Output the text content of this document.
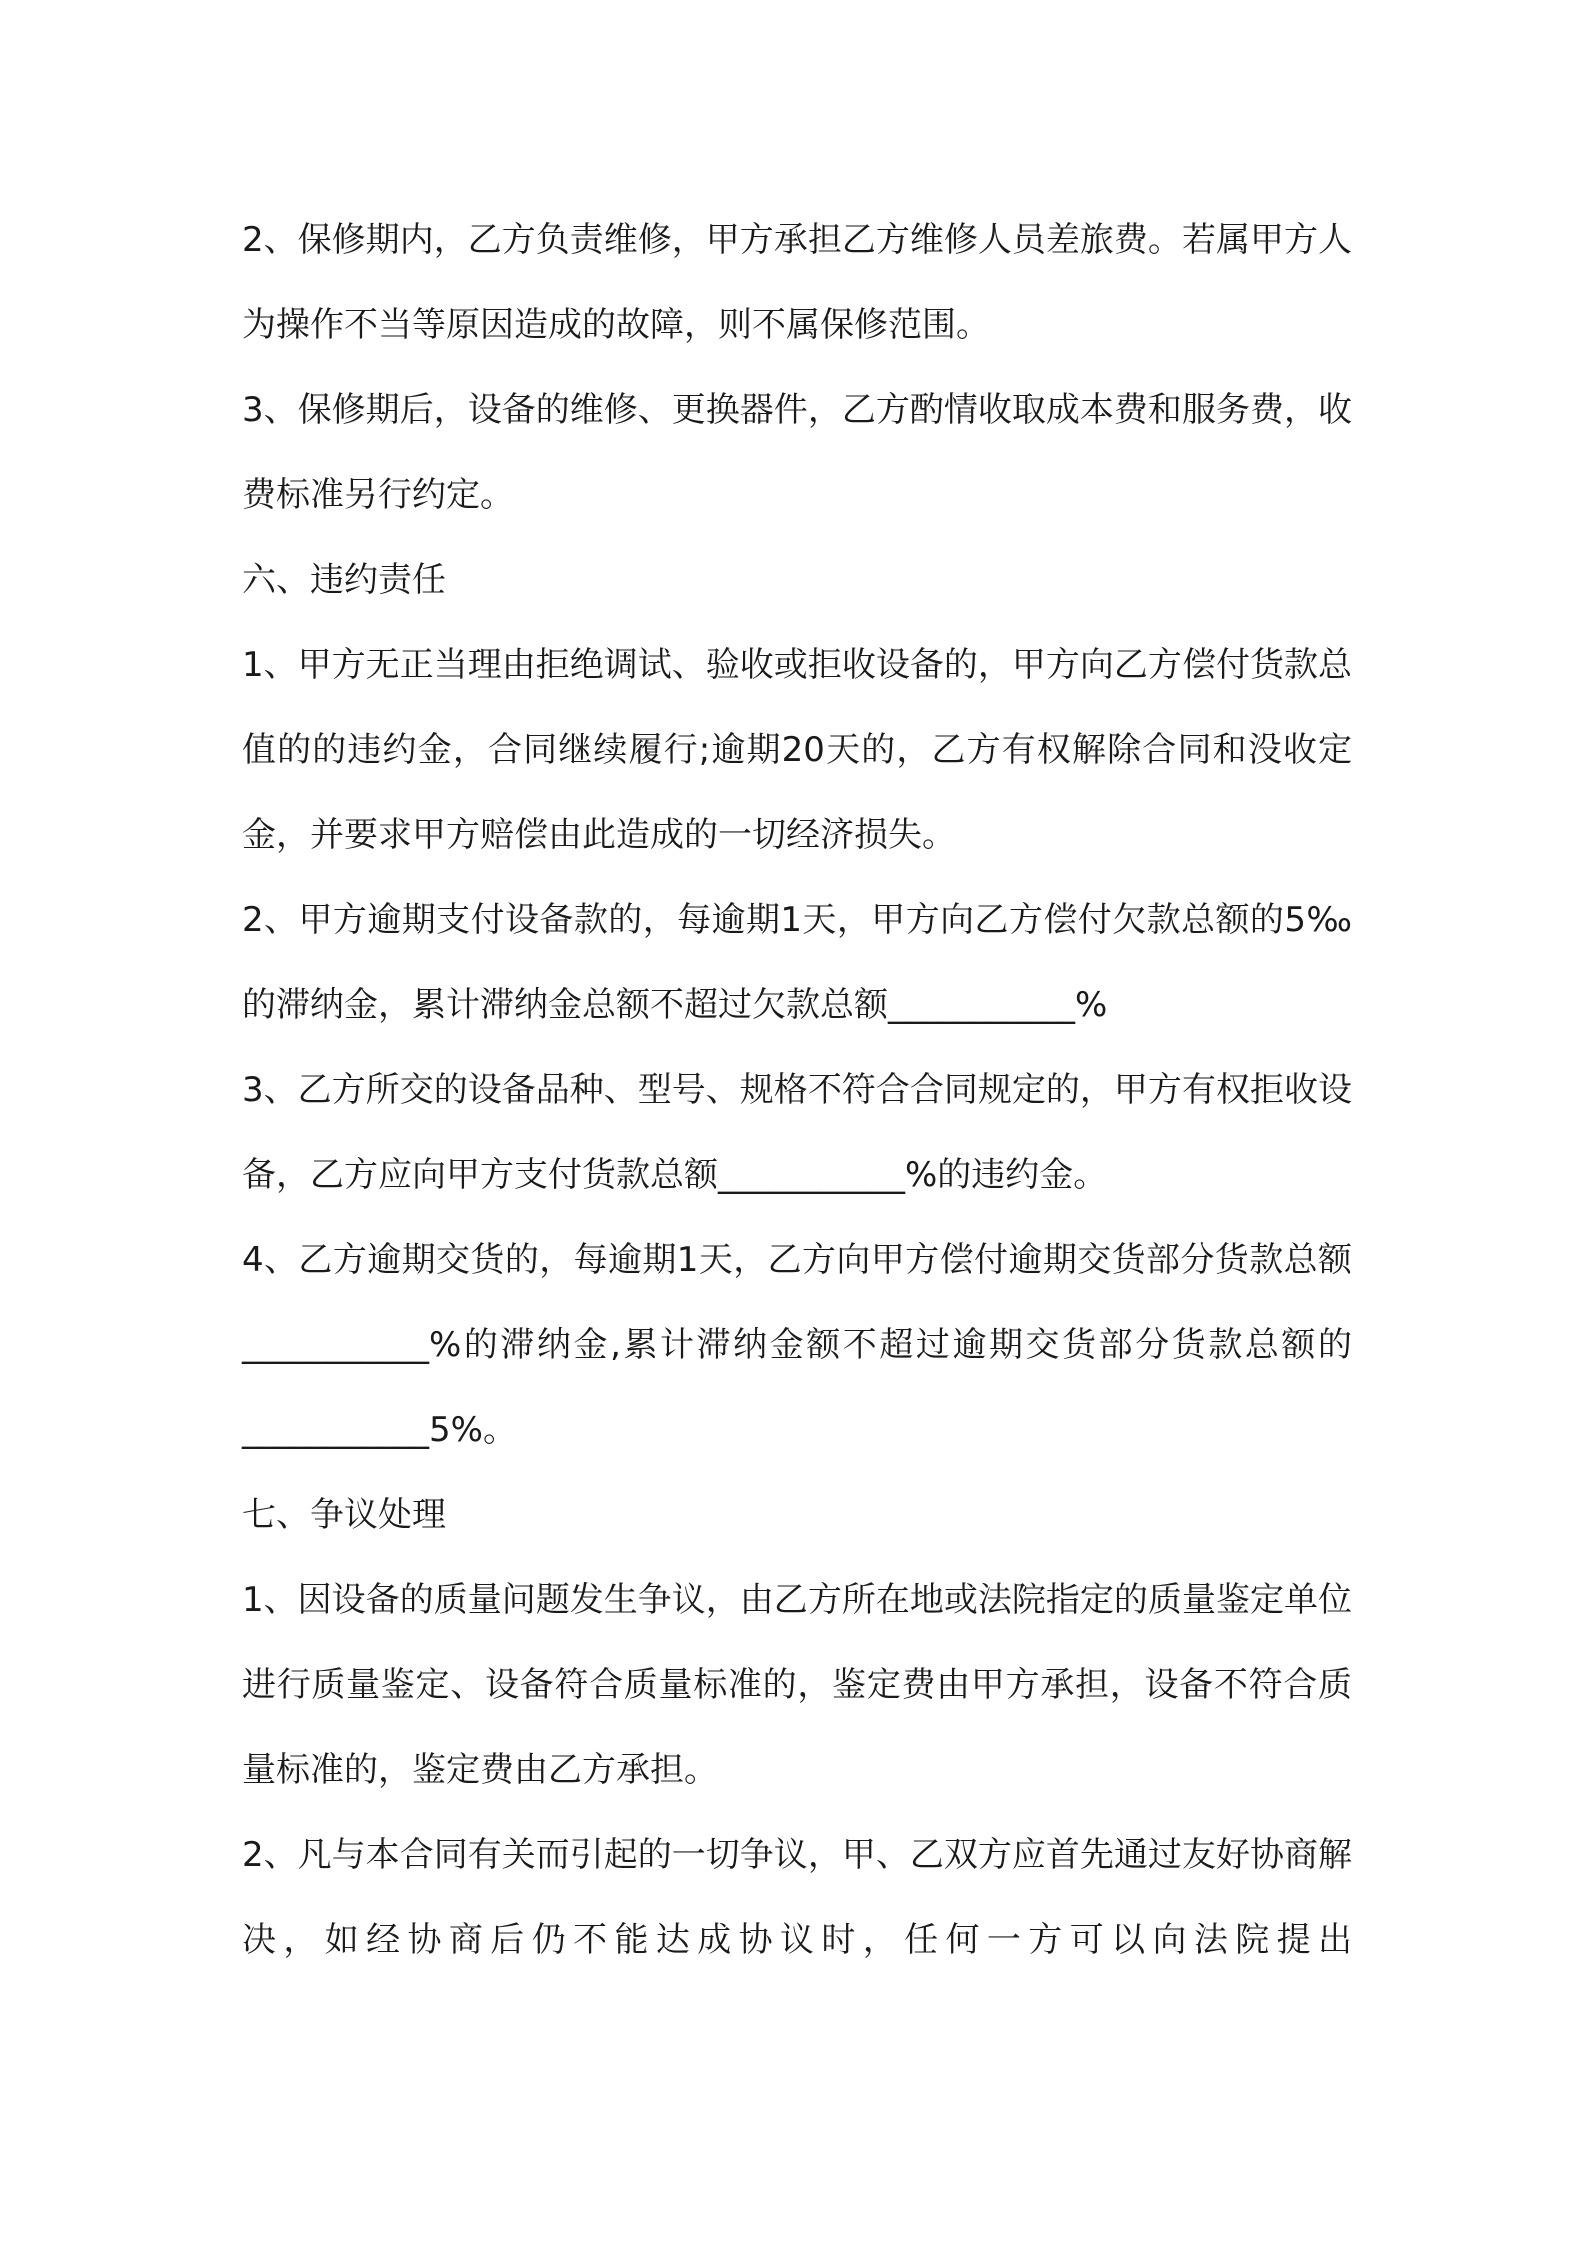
2、保修期内，乙方负责维修，甲方承担乙方维修人员差旅费。若属甲方人为操作不当等原因造成的故障，则不属保修范围。

3、保修期后，设备的维修、更换器件，乙方酌情收取成本费和服务费，收费标准另行约定。

六、违约责任

1、甲方无正当理由拒绝调试、验收或拒收设备的，甲方向乙方偿付货款总值的的违约金，合同继续履行;逾期20天的，乙方有权解除合同和没收定金，并要求甲方赔偿由此造成的一切经济损失。

2、甲方逾期支付设备款的，每逾期1天，甲方向乙方偿付欠款总额的5‰的滞纳金，累计滞纳金总额不超过欠款总额___________%

3、乙方所交的设备品种、型号、规格不符合合同规定的，甲方有权拒收设备，乙方应向甲方支付货款总额___________%的违约金。

4、乙方逾期交货的，每逾期1天，乙方向甲方偿付逾期交货部分货款总额___________%的滞纳金,累计滞纳金额不超过逾期交货部分货款总额的___________5%。

七、争议处理

1、因设备的质量问题发生争议，由乙方所在地或法院指定的质量鉴定单位进行质量鉴定、设备符合质量标准的，鉴定费由甲方承担，设备不符合质量标准的，鉴定费由乙方承担。

2、凡与本合同有关而引起的一切争议，甲、乙双方应首先通过友好协商解决，如经协商后仍不能达成协议时，任何一方可以向法院提出
